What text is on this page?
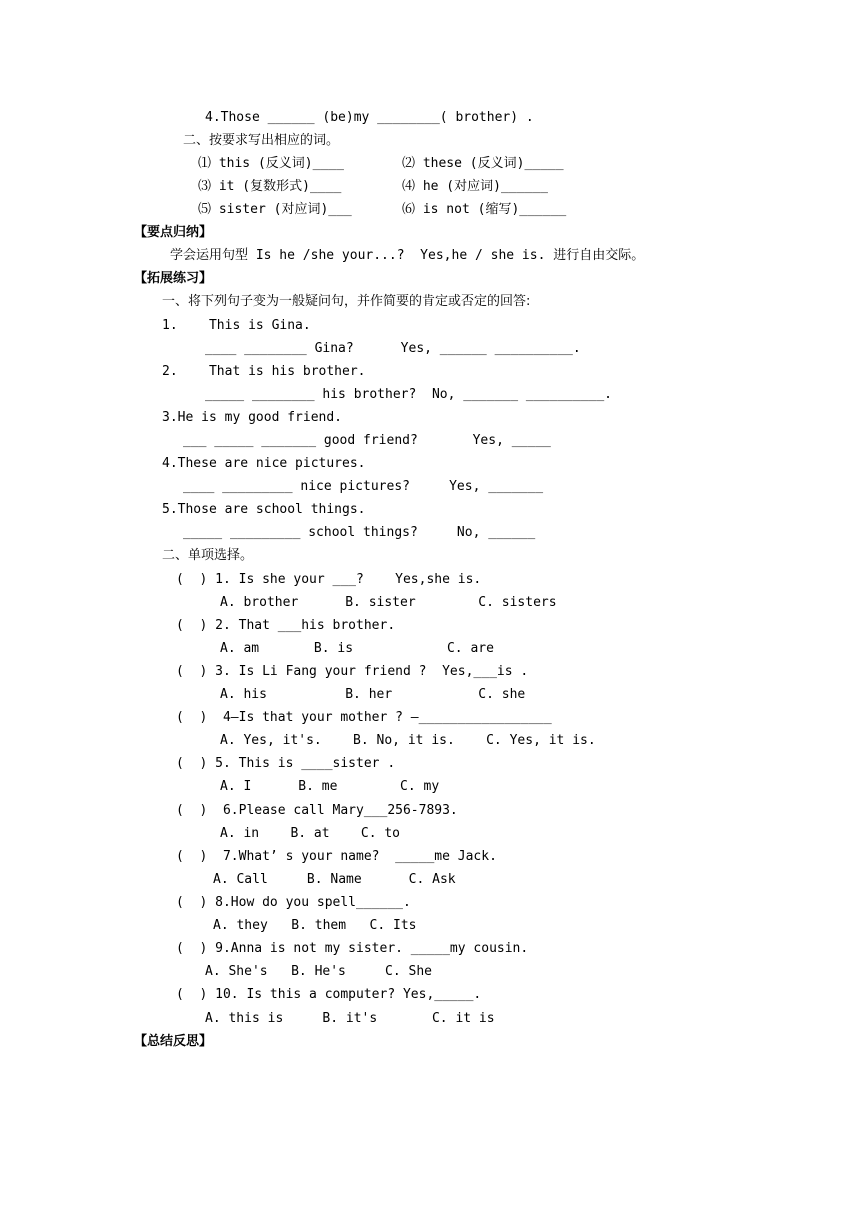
4.Those ______ (be)my ________( brother) .
二、按要求写出相应的词。
⑴ this (反义词)____	⑵ these (反义词)_____
⑶ it (复数形式)____	⑷ he (对应词)______
⑸ sister (对应词)___	⑹ is not (缩写)______
【要点归纳】
学会运用句型 Is he /she your...?  Yes,he / she is. 进行自由交际。
【拓展练习】
一、将下列句子变为一般疑问句，并作简要的肯定或否定的回答:
1.    This is Gina.
____ ________ Gina?      Yes, ______ __________.
2.    That is his brother.
_____ ________ his brother?  No, _______ __________.
3.He is my good friend.
___ _____ _______ good friend?       Yes, _____
4.These are nice pictures.
____ _________ nice pictures?     Yes, _______
5.Those are school things.
_____ _________ school things?     No, ______
二、单项选择。
(  ) 1. Is she your ___?    Yes,she is.
A. brother      B. sister        C. sisters
(  ) 2. That ___his brother.
A. am       B. is            C. are
(  ) 3. Is Li Fang your friend ?  Yes,___is .
A. his          B. her           C. she
(  )  4—Is that your mother ? —_________________
A. Yes, it's.    B. No, it is.    C. Yes, it is.
(  ) 5. This is ____sister .
A. I      B. me        C. my
(  )  6.Please call Mary___256-7893.
A. in    B. at    C. to
(  )  7.What’ s your name?  _____me Jack.
A. Call     B. Name      C. Ask
(  ) 8.How do you spell______.
A. they   B. them   C. Its
(  ) 9.Anna is not my sister. _____my cousin.
A. She's   B. He's     C. She
(  ) 10. Is this a computer? Yes,_____.
A. this is     B. it's       C. it is
【总结反思】
